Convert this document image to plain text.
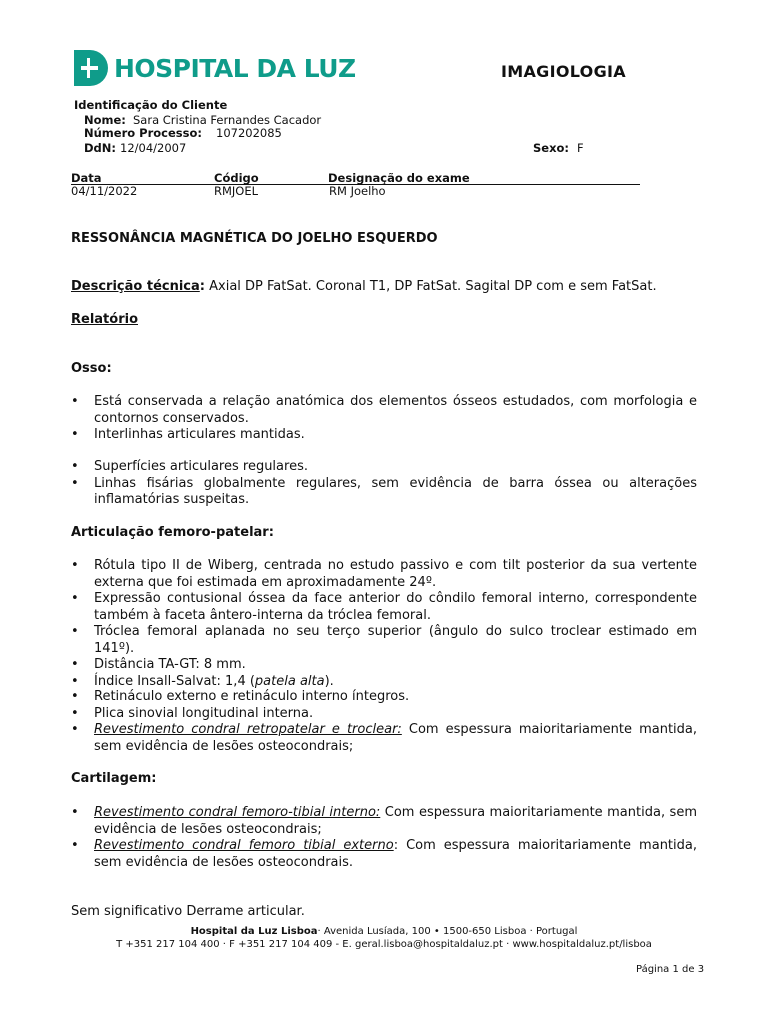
HOSPITAL DA LUZ	IMAGIOLOGIA
Identificação do Cliente
Nome: Sara Cristina Fernandes Cacador
Número Processo: 107202085
DdN: 12/04/2007	Sexo: F
Data	Código	Designação do exame
04/11/2022	RMJOEL	RM Joelho
RESSONÂNCIA MAGNÉTICA DO JOELHO ESQUERDO
Descrição técnica: Axial DP FatSat. Coronal T1, DP FatSat. Sagital DP com e sem FatSat.
Relatório
Osso:
• Está conservada a relação anatómica dos elementos ósseos estudados, com morfologia e contornos conservados.
• Interlinhas articulares mantidas.
• Superfícies articulares regulares.
• Linhas fisárias globalmente regulares, sem evidência de barra óssea ou alterações inflamatórias suspeitas.
Articulação femoro-patelar:
• Rótula tipo II de Wiberg, centrada no estudo passivo e com tilt posterior da sua vertente externa que foi estimada em aproximadamente 24º.
• Expressão contusional óssea da face anterior do côndilo femoral interno, correspondente também à faceta ântero-interna da tróclea femoral.
• Tróclea femoral aplanada no seu terço superior (ângulo do sulco troclear estimado em 141º).
• Distância TA-GT: 8 mm.
• Índice Insall-Salvat: 1,4 (patela alta).
• Retináculo externo e retináculo interno íntegros.
• Plica sinovial longitudinal interna.
• Revestimento condral retropatelar e troclear: Com espessura maioritariamente mantida, sem evidência de lesões osteocondrais;
Cartilagem:
• Revestimento condral femoro-tibial interno: Com espessura maioritariamente mantida, sem evidência de lesões osteocondrais;
• Revestimento condral femoro tibial externo: Com espessura maioritariamente mantida, sem evidência de lesões osteocondrais.
Sem significativo Derrame articular.
Hospital da Luz Lisboa· Avenida Lusíada, 100 • 1500-650 Lisboa · Portugal
T +351 217 104 400 · F +351 217 104 409 - E. geral.lisboa@hospitaldaluz.pt · www.hospitaldaluz.pt/lisboa
Página 1 de 3
